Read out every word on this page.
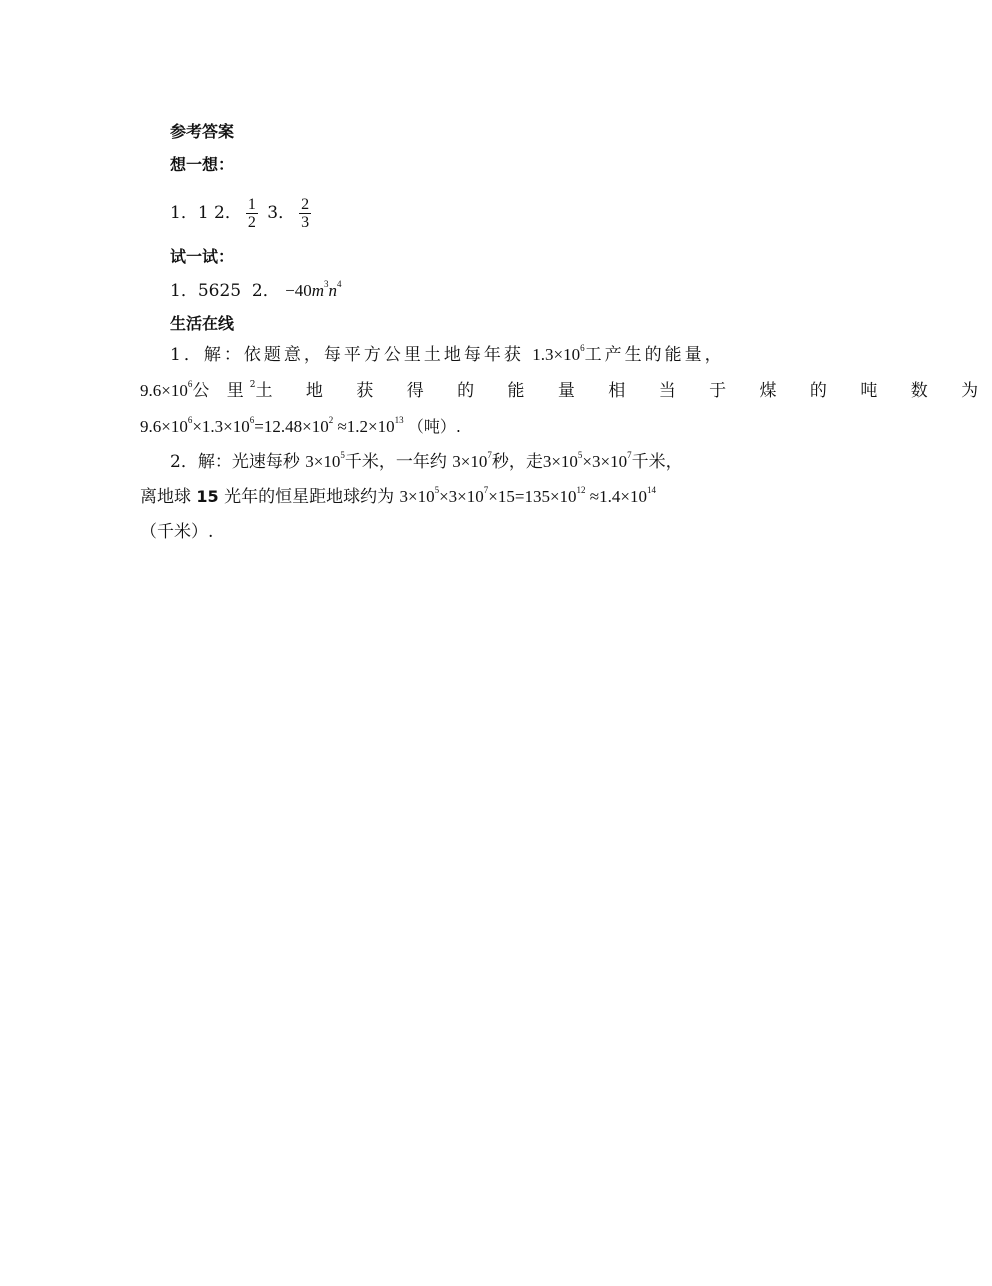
参考答案
想一想：
1．1 2． $\frac{1}{2} 3$． $\frac{2}{3}$
试一试：
1．5625 2． $-40m^3n^4$
生活在线
1．解：依题意，每平方公里土地每年获 $1.3\times 10^6$工产生的能量，
$9.6\times 10^6$公 里$^2$土 地 获 得 的 能 量 相 当 于 煤 的 吨 数 为
$9.6\times 10^6\times 1.3\times 10^6=12.48\times 10^2 \approx 1.2\times 10^{13}$ （吨）.
2．解：光速每秒 $3\times 10^5$千米，一年约 $3\times 10^7$秒，走$3\times 10^5\times 3\times 10^7$千米，
离地球 15 光年的恒星距地球约为 $3\times 10^5\times 3\times 10^7\times 15=135\times 10^{12} \approx 1.4\times 10^{14}$
（千米）.
